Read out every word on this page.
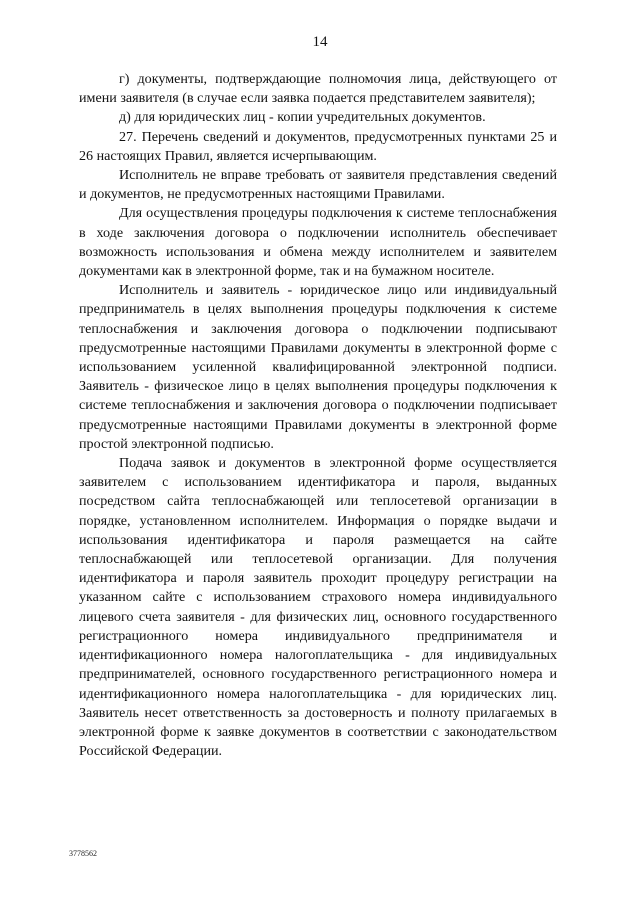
14

г) документы, подтверждающие полномочия лица, действующего от имени заявителя (в случае если заявка подается представителем заявителя);

д) для юридических лиц - копии учредительных документов.

27. Перечень сведений и документов, предусмотренных пунктами 25 и 26 настоящих Правил, является исчерпывающим.

Исполнитель не вправе требовать от заявителя представления сведений и документов, не предусмотренных настоящими Правилами.

Для осуществления процедуры подключения к системе теплоснабжения в ходе заключения договора о подключении исполнитель обеспечивает возможность использования и обмена между исполнителем и заявителем документами как в электронной форме, так и на бумажном носителе.

Исполнитель и заявитель - юридическое лицо или индивидуальный предприниматель в целях выполнения процедуры подключения к системе теплоснабжения и заключения договора о подключении подписывают предусмотренные настоящими Правилами документы в электронной форме с использованием усиленной квалифицированной электронной подписи. Заявитель - физическое лицо в целях выполнения процедуры подключения к системе теплоснабжения и заключения договора о подключении подписывает предусмотренные настоящими Правилами документы в электронной форме простой электронной подписью.

Подача заявок и документов в электронной форме осуществляется заявителем с использованием идентификатора и пароля, выданных посредством сайта теплоснабжающей или теплосетевой организации в порядке, установленном исполнителем. Информация о порядке выдачи и использования идентификатора и пароля размещается на сайте теплоснабжающей или теплосетевой организации. Для получения идентификатора и пароля заявитель проходит процедуру регистрации на указанном сайте с использованием страхового номера индивидуального лицевого счета заявителя - для физических лиц, основного государственного регистрационного номера индивидуального предпринимателя и идентификационного номера налогоплательщика - для индивидуальных предпринимателей, основного государственного регистрационного номера и идентификационного номера налогоплательщика - для юридических лиц. Заявитель несет ответственность за достоверность и полноту прилагаемых в электронной форме к заявке документов в соответствии с законодательством Российской Федерации.

3778562
